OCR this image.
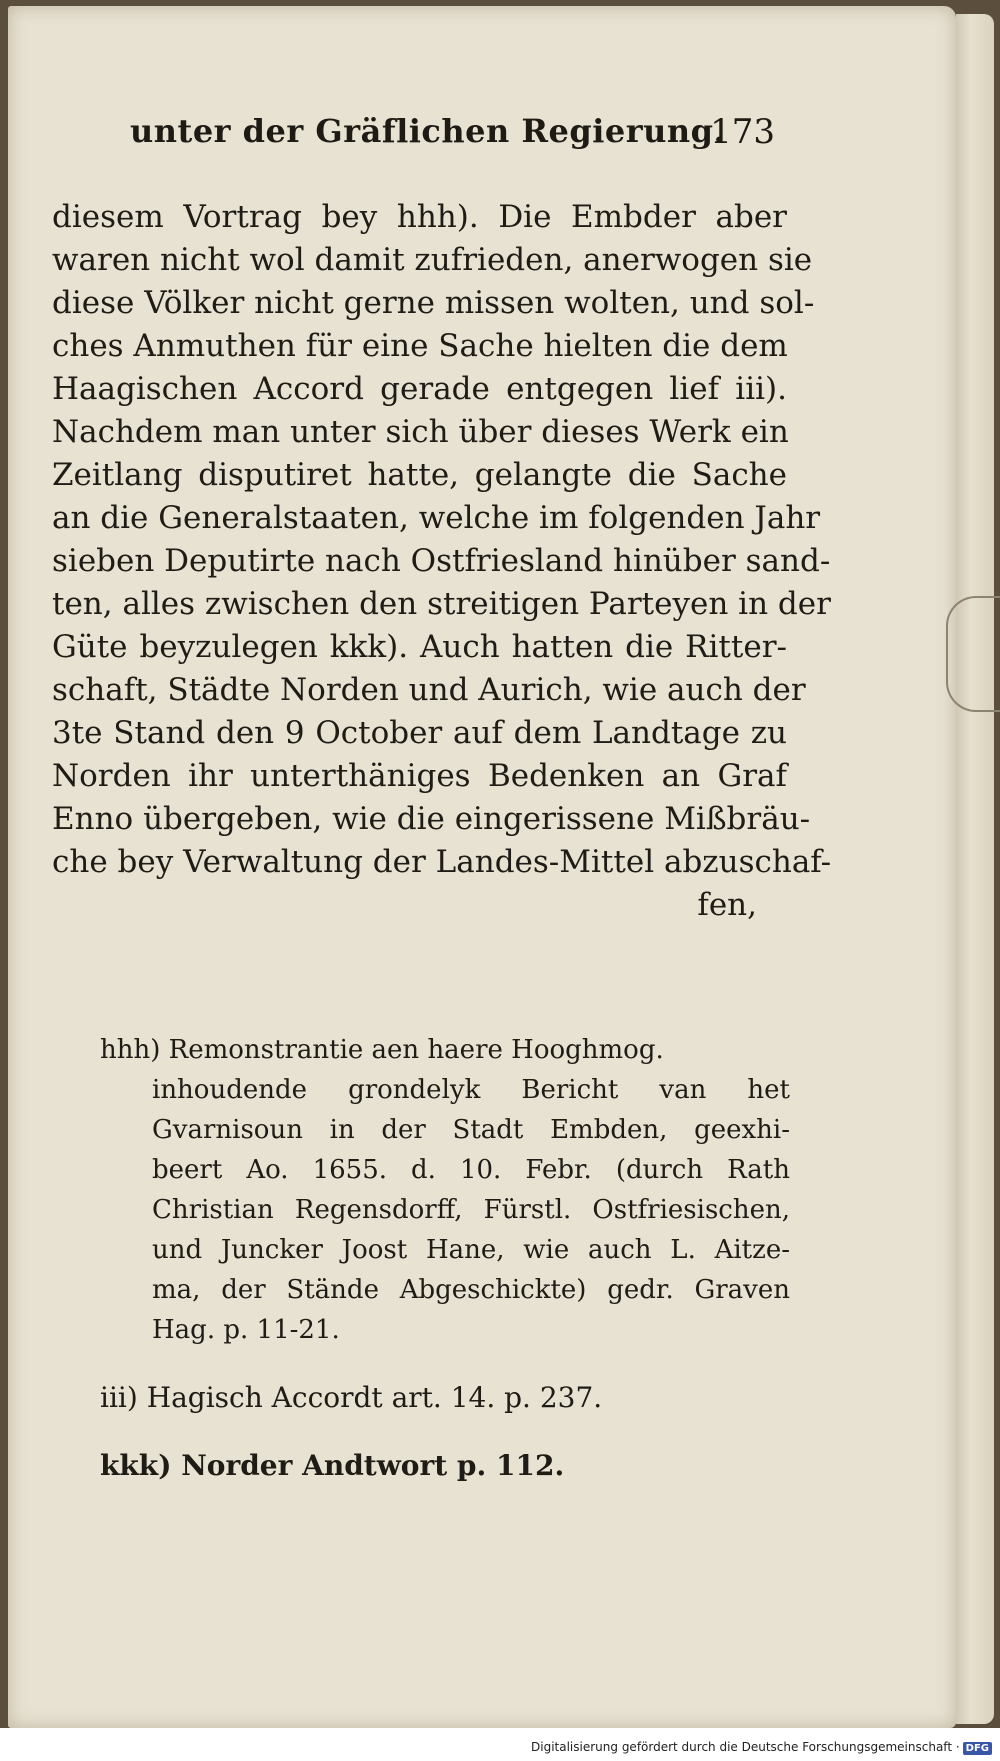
unter der Gräflichen Regierung.
173
diesem Vortrag bey hhh). Die Embder aber
waren nicht wol damit zufrieden, anerwogen sie
diese Völker nicht gerne missen wolten, und sol-
ches Anmuthen für eine Sache hielten die dem
Haagischen Accord gerade entgegen lief iii).
Nachdem man unter sich über dieses Werk ein
Zeitlang disputiret hatte, gelangte die Sache
an die Generalstaaten, welche im folgenden Jahr
sieben Deputirte nach Ostfriesland hinüber sand-
ten, alles zwischen den streitigen Parteyen in der
Güte beyzulegen kkk). Auch hatten die Ritter-
schaft, Städte Norden und Aurich, wie auch der
3te Stand den 9 October auf dem Landtage zu
Norden ihr unterthäniges Bedenken an Graf
Enno übergeben, wie die eingerissene Mißbräu-
che bey Verwaltung der Landes-Mittel abzuschaf-
fen,
hhh) Remonstrantie aen haere Hooghmog.
inhoudende grondelyk Bericht van het
Gvarnisoun in der Stadt Embden, geexhi-
beert Ao. 1655. d. 10. Febr. (durch Rath
Christian Regensdorff, Fürstl. Ostfriesischen,
und Juncker Joost Hane, wie auch L. Aitze-
ma, der Stände Abgeschickte) gedr. Graven
Hag. p. 11-21.
iii) Hagisch Accordt art. 14. p. 237.
kkk) Norder Andtwort p. 112.
Digitalisierung gefördert durch die Deutsche Forschungsgemeinschaft · DFG
